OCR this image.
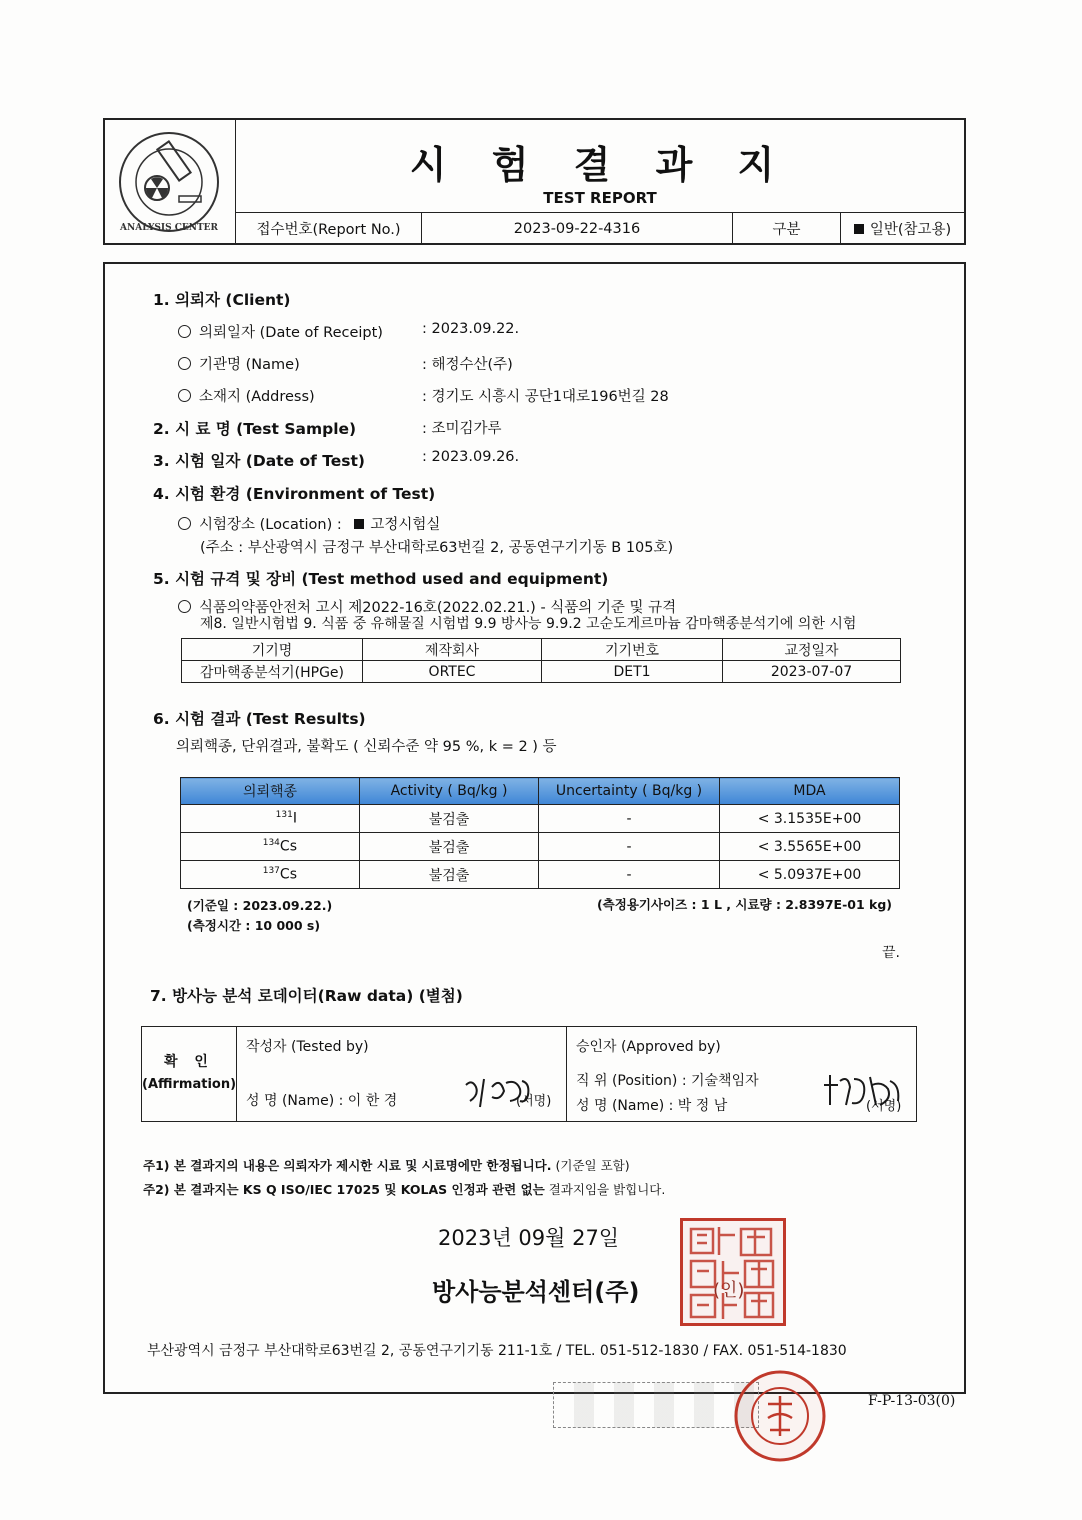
ANALYSIS CENTER
시 험 결 과 지
TEST REPORT
접수번호(Report No.)	2023-09-22-4316	구분	일반(참고용)
1. 의뢰자 (Client)
의뢰일자 (Date of Receipt)	: 2023.09.22.
기관명 (Name)	: 해정수산(주)
소재지 (Address)	: 경기도 시흥시 공단1대로196번길 28
2. 시 료 명 (Test Sample)	: 조미김가루
3. 시험 일자 (Date of Test)	: 2023.09.26.
4. 시험 환경 (Environment of Test)
시험장소 (Location) : 고정시험실
(주소 : 부산광역시 금정구 부산대학로63번길 2, 공동연구기기동 B 105호)
5. 시험 규격 및 장비 (Test method used and equipment)
식품의약품안전처 고시 제2022-16호(2022.02.21.) - 식품의 기준 및 규격
제8. 일반시험법 9. 식품 중 유해물질 시험법 9.9 방사능 9.9.2 고순도게르마늄 감마핵종분석기에 의한 시험
기기명	제작회사	기기번호	교정일자
감마핵종분석기(HPGe)	ORTEC	DET1	2023-07-07
6. 시험 결과 (Test Results)
의뢰핵종, 단위결과, 불확도 ( 신뢰수준 약 95 %, k = 2 ) 등
의뢰핵종	Activity ( Bq/kg )	Uncertainty ( Bq/kg )	MDA
$^{131}$I	불검출	-	< 3.1535E+00
$^{134}$Cs	불검출	-	< 3.5565E+00
$^{137}$Cs	불검출	-	< 5.0937E+00
(기준일 : 2023.09.22.)
(측정시간 : 10 000 s)
(측정용기사이즈 : 1 L , 시료량 : 2.8397E-01 kg)
끝.
7. 방사능 분석 로데이터(Raw data) (별첨)
확 인
(Affirmation)
작성자 (Tested by)
성 명 (Name) : 이 한 경	(서명)
승인자 (Approved by)
직 위 (Position) : 기술책임자
성 명 (Name) : 박 정 남	(서명)
주1) 본 결과지의 내용은 의뢰자가 제시한 시료 및 시료명에만 한정됩니다. (기준일 포함)
주2) 본 결과지는 KS Q ISO/IEC 17025 및 KOLAS 인정과 관련 없는 결과지임을 밝힙니다.
2023년 09월 27일
방사능분석센터(주)	(인)
부산광역시 금정구 부산대학로63번길 2, 공동연구기기동 211-1호 / TEL. 051-512-1830 / FAX. 051-514-1830
F-P-13-03(0)
